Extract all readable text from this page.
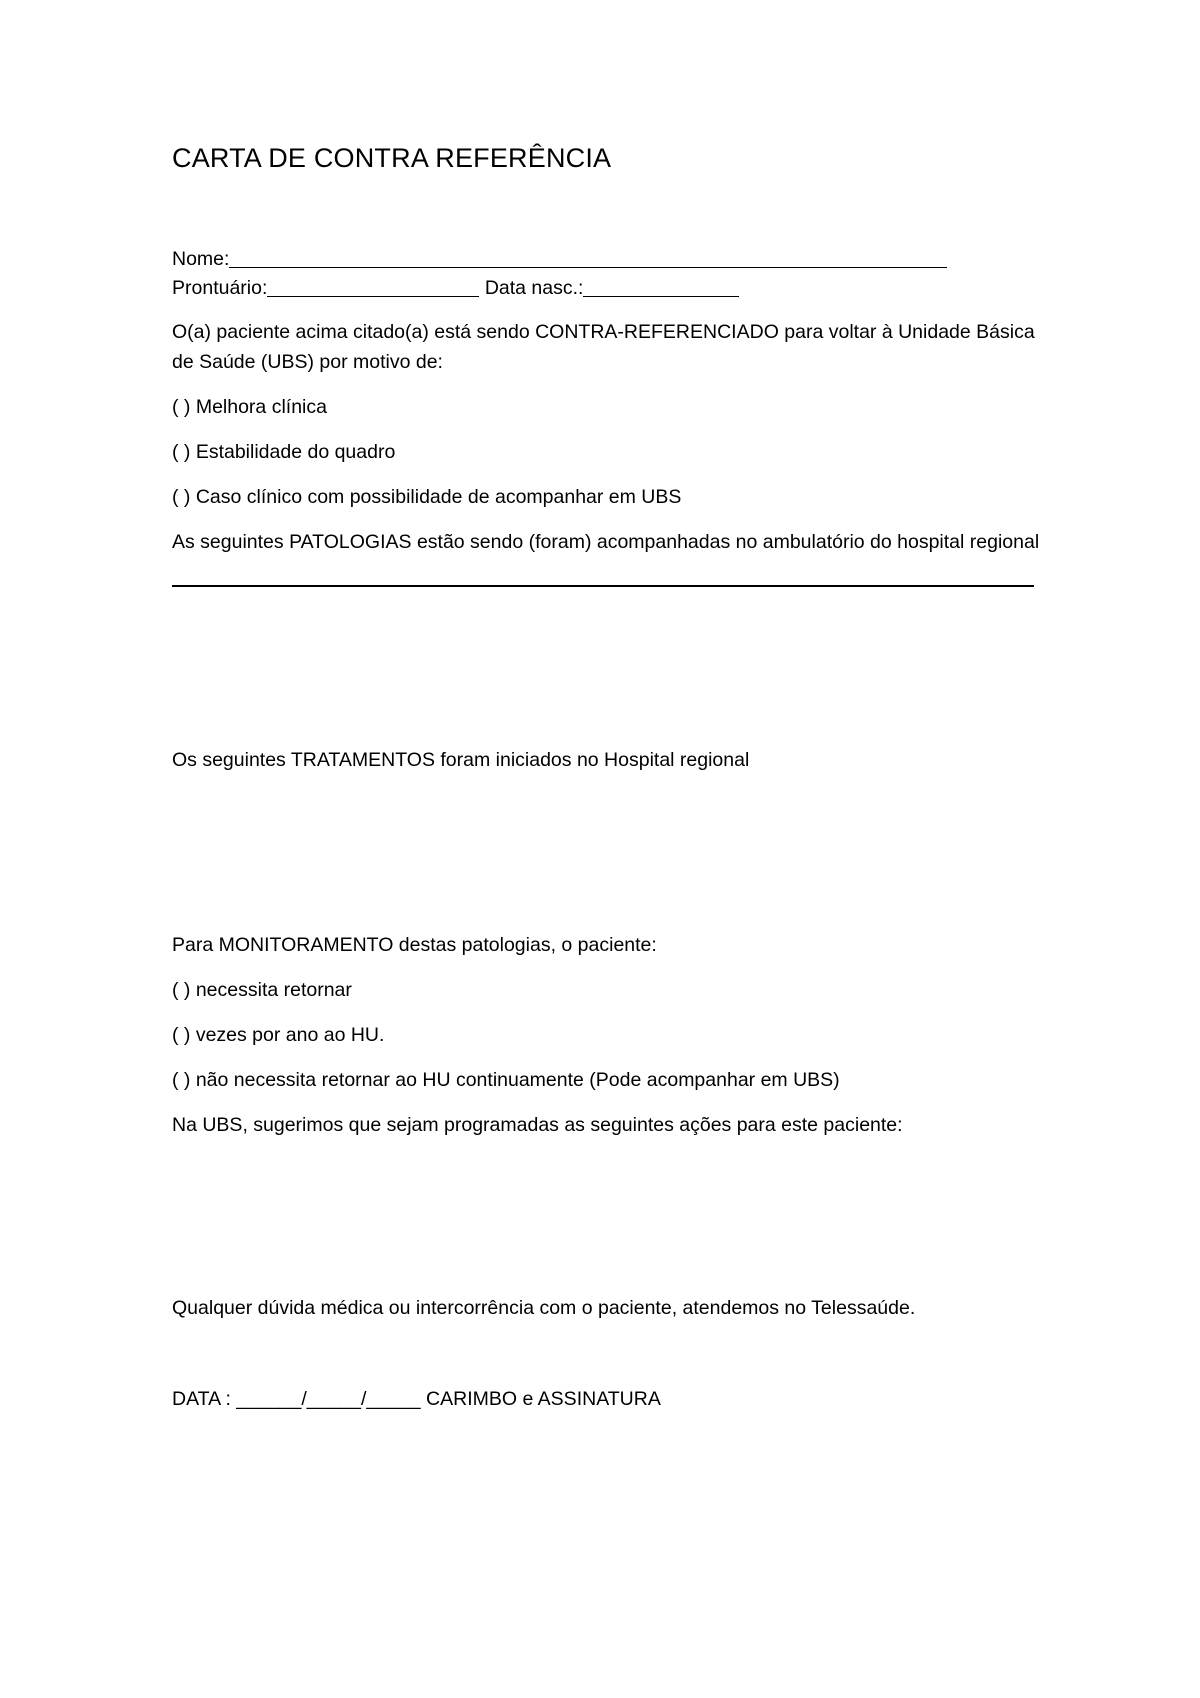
CARTA DE CONTRA REFERÊNCIA
Nome:
Prontuário:	Data nasc.:
O(a) paciente acima citado(a) está sendo CONTRA-REFERENCIADO para voltar à Unidade Básica de Saúde (UBS) por motivo de:
( ) Melhora clínica
( ) Estabilidade do quadro
( ) Caso clínico com possibilidade de acompanhar em UBS
As seguintes PATOLOGIAS estão sendo (foram) acompanhadas no ambulatório do hospital regional
Os seguintes TRATAMENTOS foram iniciados no Hospital regional
Para MONITORAMENTO destas patologias, o paciente:
( ) necessita retornar
( ) vezes por ano ao HU.
( ) não necessita retornar ao HU continuamente (Pode acompanhar em UBS)
Na UBS, sugerimos que sejam programadas as seguintes ações para este paciente:
Qualquer dúvida médica ou intercorrência com o paciente, atendemos no Telessaúde.
DATA : ______/_____/_____ CARIMBO e ASSINATURA
